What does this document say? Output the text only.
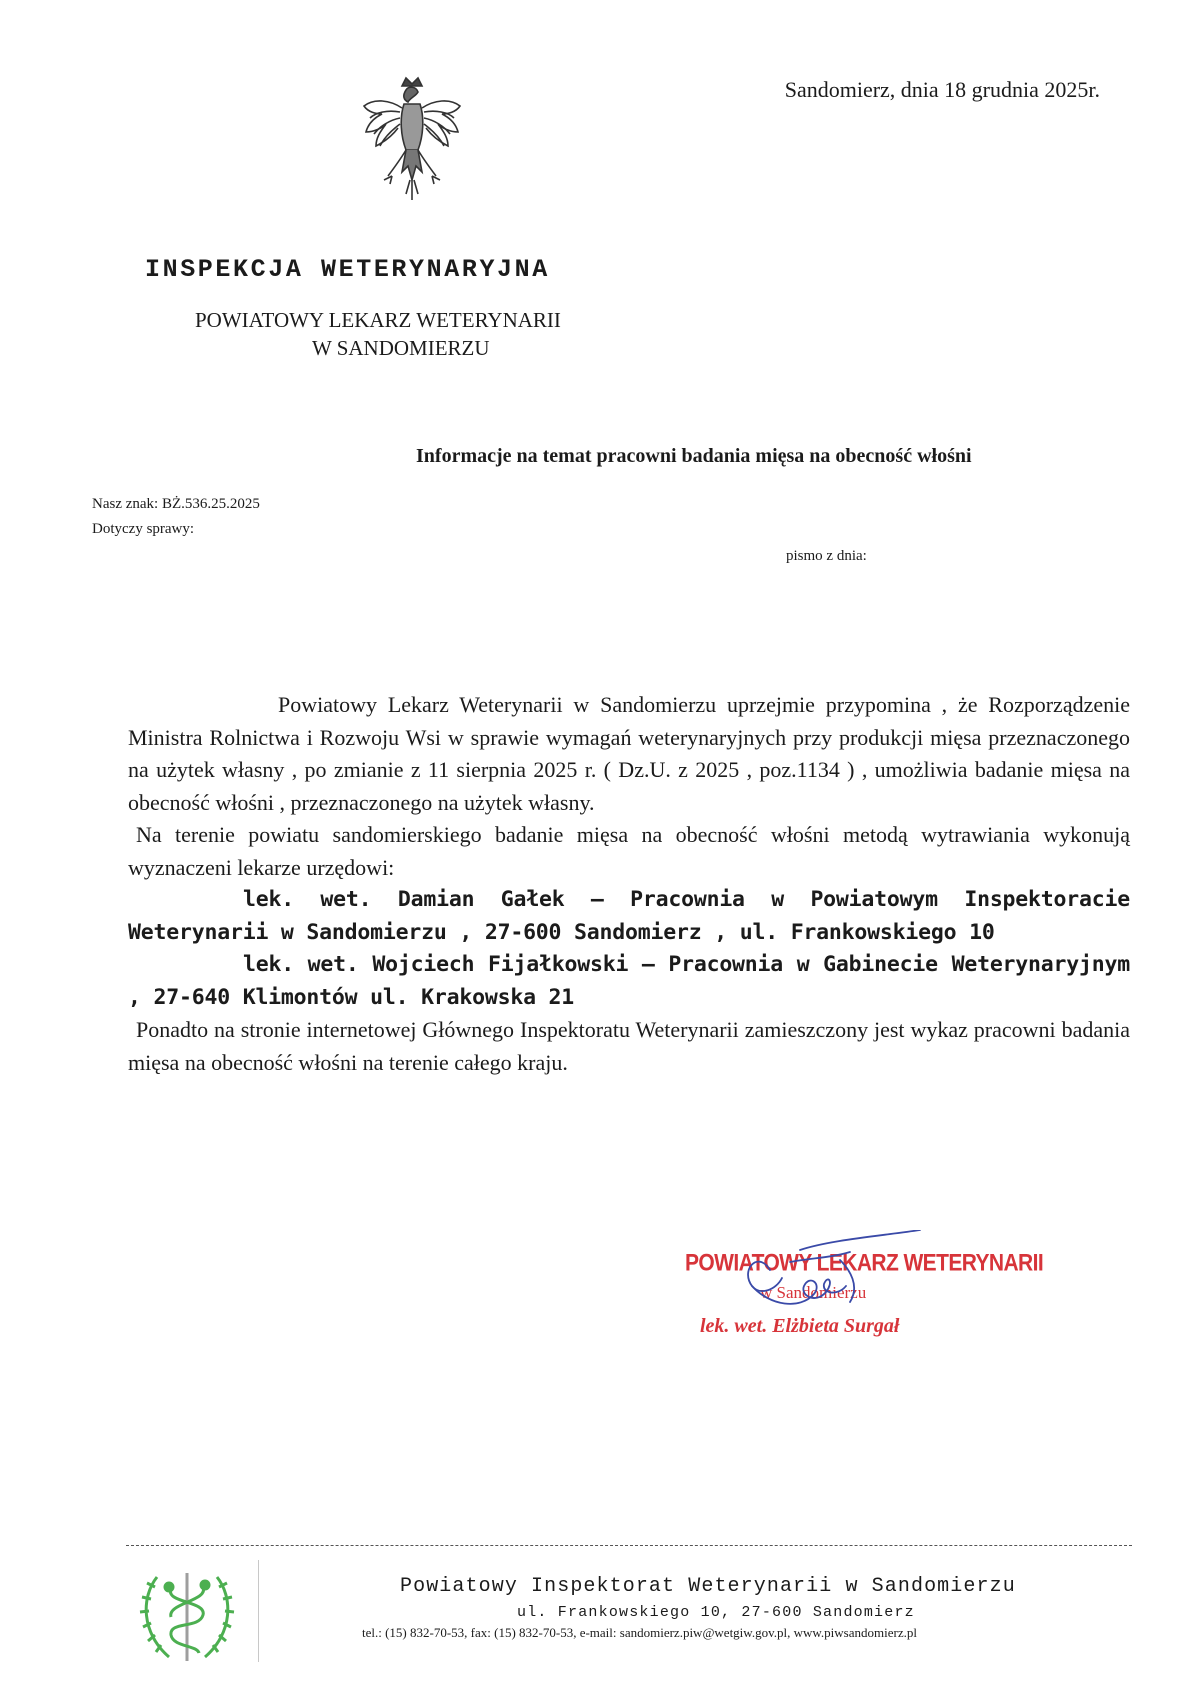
Sandomierz, dnia 18 grudnia 2025r.
INSPEKCJA WETERYNARYJNA
POWIATOWY LEKARZ WETERYNARII
W SANDOMIERZU
Informacje na temat pracowni badania mięsa na obecność włośni
Nasz znak: BŻ.536.25.2025
Dotyczy sprawy:
pismo z dnia:

Powiatowy Lekarz Weterynarii w Sandomierzu uprzejmie przypomina , że Rozporządzenie Ministra Rolnictwa i Rozwoju Wsi w sprawie wymagań weterynaryjnych przy produkcji mięsa przeznaczonego na użytek własny , po zmianie z 11 sierpnia 2025 r. ( Dz.U. z 2025 , poz.1134 ) , umożliwia badanie mięsa na obecność włośni , przeznaczonego na użytek własny.

Na terenie powiatu sandomierskiego badanie mięsa na obecność włośni metodą wytrawiania wykonują wyznaczeni lekarze urzędowi:

lek. wet. Damian Gałek – Pracownia w Powiatowym Inspektoracie Weterynarii w Sandomierzu , 27-600 Sandomierz , ul. Frankowskiego 10

lek. wet. Wojciech Fijałkowski – Pracownia w Gabinecie Weterynaryjnym , 27-640 Klimontów ul. Krakowska 21

Ponadto na stronie internetowej Głównego Inspektoratu Weterynarii zamieszczony jest wykaz pracowni badania mięsa na obecność włośni na terenie całego kraju.

POWIATOWY LEKARZ WETERYNARII
w Sandomierzu
lek. wet. Elżbieta Surgał
Powiatowy Inspektorat Weterynarii w Sandomierzu
ul. Frankowskiego 10, 27-600 Sandomierz
tel.: (15) 832-70-53, fax: (15) 832-70-53, e-mail: sandomierz.piw@wetgiw.gov.pl, www.piwsandomierz.pl
